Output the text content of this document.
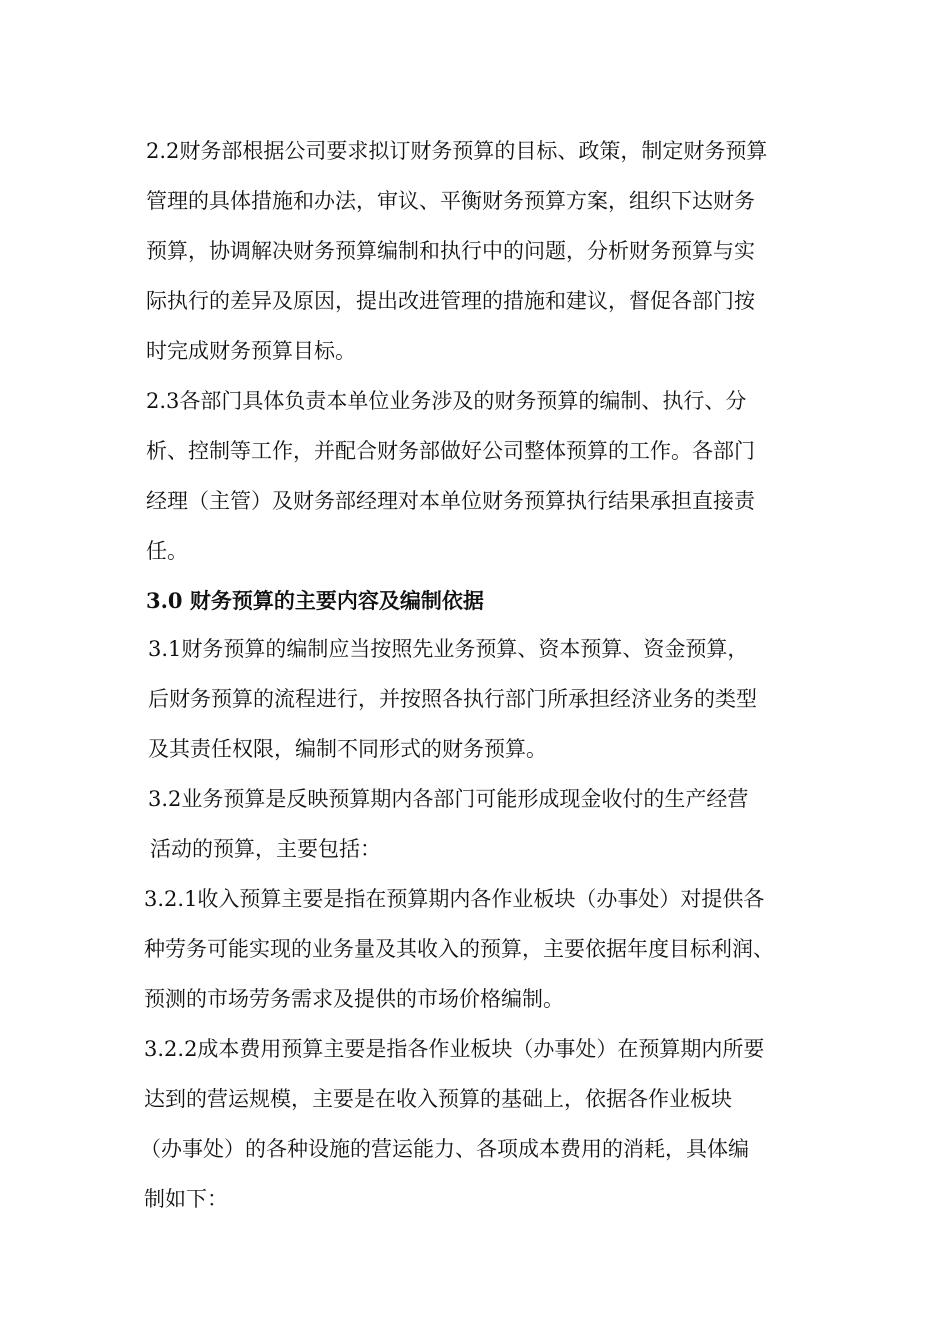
2.2财务部根据公司要求拟订财务预算的目标、政策，制定财务预算
管理的具体措施和办法，审议、平衡财务预算方案，组织下达财务
预算，协调解决财务预算编制和执行中的问题，分析财务预算与实
际执行的差异及原因，提出改进管理的措施和建议，督促各部门按
时完成财务预算目标。
2.3各部门具体负责本单位业务涉及的财务预算的编制、执行、分
析、控制等工作，并配合财务部做好公司整体预算的工作。各部门
经理（主管）及财务部经理对本单位财务预算执行结果承担直接责
任。
3.0 财务预算的主要内容及编制依据
3.1财务预算的编制应当按照先业务预算、资本预算、资金预算，
后财务预算的流程进行，并按照各执行部门所承担经济业务的类型
及其责任权限，编制不同形式的财务预算。
3.2业务预算是反映预算期内各部门可能形成现金收付的生产经营
活动的预算，主要包括：
3.2.1收入预算主要是指在预算期内各作业板块（办事处）对提供各
种劳务可能实现的业务量及其收入的预算，主要依据年度目标利润、
预测的市场劳务需求及提供的市场价格编制。
3.2.2成本费用预算主要是指各作业板块（办事处）在预算期内所要
达到的营运规模，主要是在收入预算的基础上，依据各作业板块
（办事处）的各种设施的营运能力、各项成本费用的消耗，具体编
制如下：
